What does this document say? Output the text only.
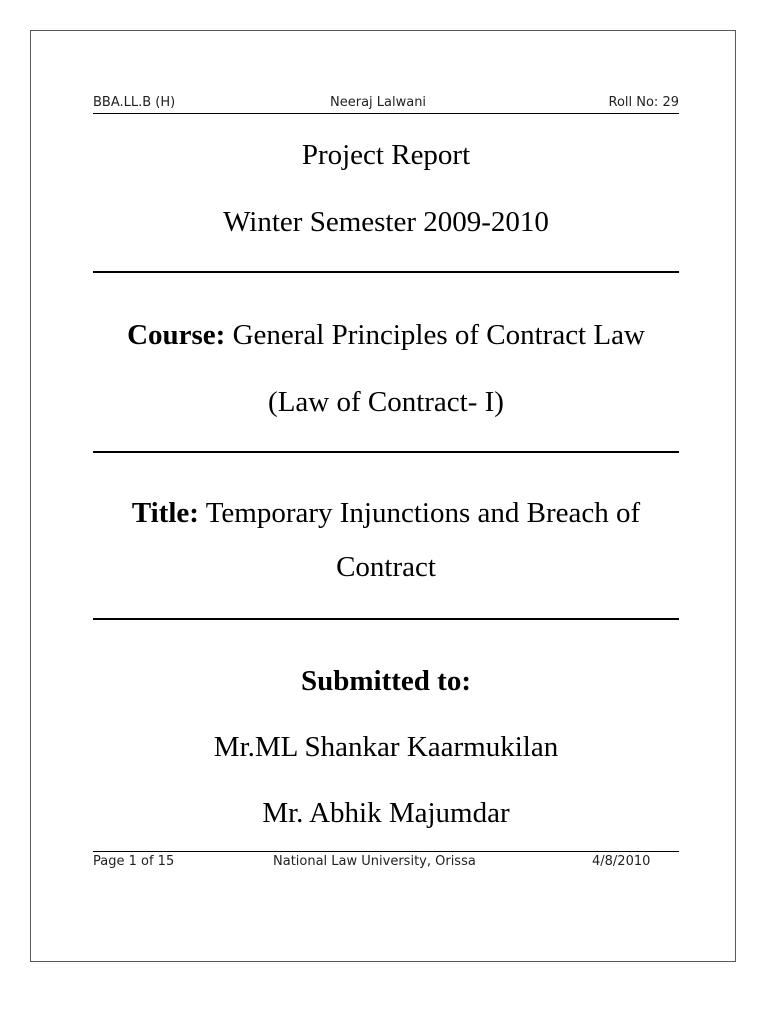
BBA.LL.B (H)	Neeraj Lalwani	Roll No: 29
Project Report
Winter Semester 2009-2010
Course: General Principles of Contract Law
(Law of Contract- I)
Title: Temporary Injunctions and Breach of
Contract
Submitted to:
Mr.ML Shankar Kaarmukilan
Mr. Abhik Majumdar
Page 1 of 15	National Law University, Orissa	4/8/2010
